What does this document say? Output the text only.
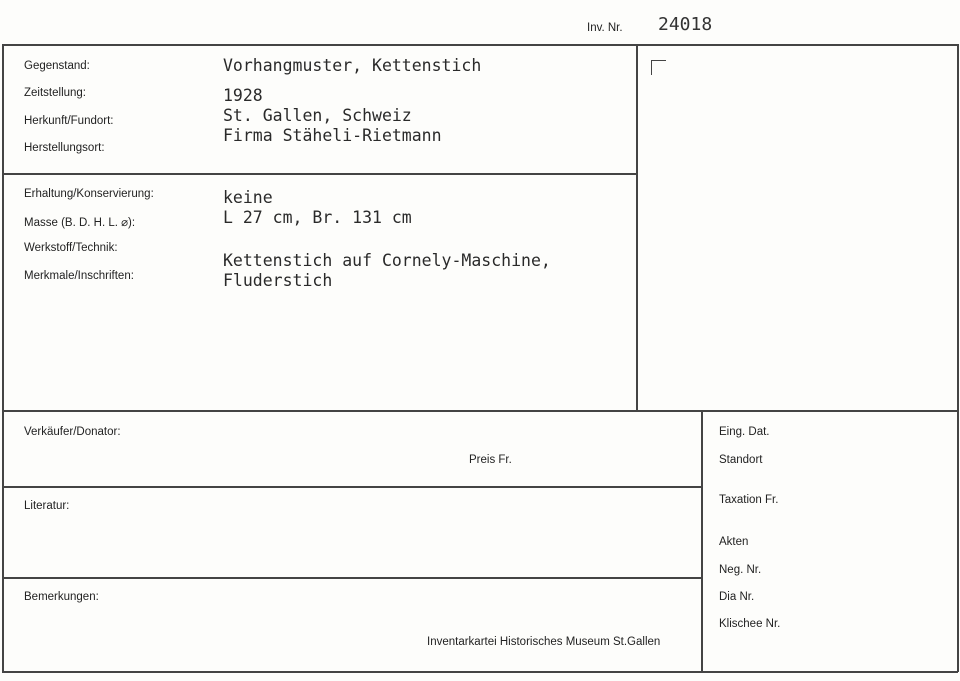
Inv. Nr. 24018
Gegenstand:
Zeitstellung:
Herkunft/Fundort:
Herstellungsort:
Vorhangmuster, Kettenstich
1928
St. Gallen, Schweiz
Firma Stäheli-Rietmann
Erhaltung/Konservierung:
Masse (B. D. H. L. ⌀):
Werkstoff/Technik:
Merkmale/Inschriften:
keine
L 27 cm, Br. 131 cm
Kettenstich auf Cornely-Maschine,
Fluderstich
Verkäufer/Donator:
Preis Fr.
Literatur:
Bemerkungen:
Inventarkartei Historisches Museum St.Gallen
Eing. Dat.
Standort
Taxation Fr.
Akten
Neg. Nr.
Dia Nr.
Klischee Nr.
